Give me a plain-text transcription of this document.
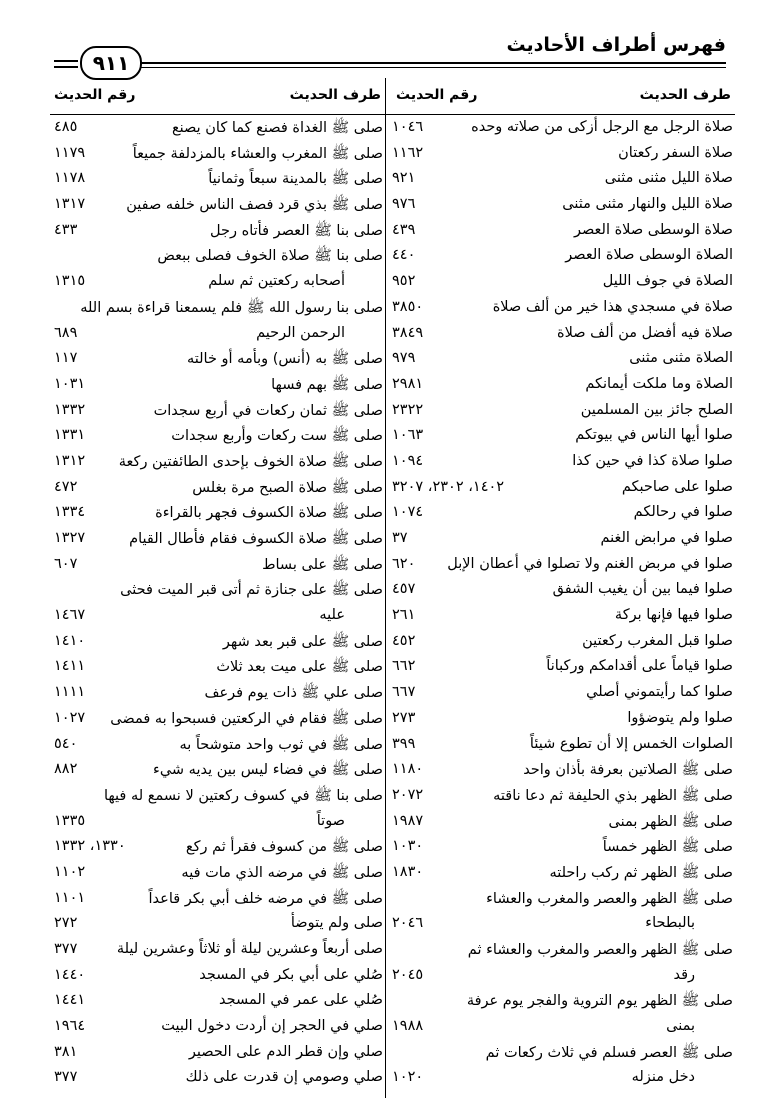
فهرس أطراف الأحاديث
٩١١
طرف الحديث
رقم الحديث
صلاة الرجل مع الرجل أزكى من صلاته وحده
١٠٤٦
صلاة السفر ركعتان
١١٦٢
صلاة الليل مثنى مثنى
٩٢١
صلاة الليل والنهار مثنى مثنى
٩٧٦
صلاة الوسطى صلاة العصر
٤٣٩
الصلاة الوسطى صلاة العصر
٤٤٠
الصلاة في جوف الليل
٩٥٢
صلاة في مسجدي هذا خير من ألف صلاة
٣٨٥٠
صلاة فيه أفضل من ألف صلاة
٣٨٤٩
الصلاة مثنى مثنى
٩٧٩
الصلاة وما ملكت أيمانكم
٢٩٨١
الصلح جائز بين المسلمين
٢٣٢٢
صلوا أيها الناس في بيوتكم
١٠٦٣
صلوا صلاة كذا في حين كذا
١٠٩٤
صلوا على صاحبكم
١٤٠٢، ٢٣٠٢، ٣٢٠٧
صلوا في رحالكم
١٠٧٤
صلوا في مرابض الغنم
٣٧
صلوا في مربض الغنم ولا تصلوا في أعطان الإبل
٦٢٠
صلوا فيما بين أن يغيب الشفق
٤٥٧
صلوا فيها فإنها بركة
٢٦١
صلوا قبل المغرب ركعتين
٤٥٢
صلوا قياماً على أقدامكم وركباناً
٦٦٢
صلوا كما رأيتموني أصلي
٦٦٧
صلوا ولم يتوضؤوا
٢٧٣
الصلوات الخمس إلا أن تطوع شيئاً
٣٩٩
صلى ﷺ الصلاتين بعرفة بأذان واحد
١١٨٠
صلى ﷺ الظهر بذي الحليفة ثم دعا ناقته
٢٠٧٢
صلى ﷺ الظهر بمنى
١٩٨٧
صلى ﷺ الظهر خمساً
١٠٣٠
صلى ﷺ الظهر ثم ركب راحلته
١٨٣٠
صلى ﷺ الظهر والعصر والمغرب والعشاء
بالبطحاء
٢٠٤٦
صلى ﷺ الظهر والعصر والمغرب والعشاء ثم
رقد
٢٠٤٥
صلى ﷺ الظهر يوم التروية والفجر يوم عرفة
بمنى
١٩٨٨
صلى ﷺ العصر فسلم في ثلاث ركعات ثم
دخل منزله
١٠٢٠
طرف الحديث
رقم الحديث
صلى ﷺ الغداة فصنع كما كان يصنع
٤٨٥
صلى ﷺ المغرب والعشاء بالمزدلفة جميعاً
١١٧٩
صلى ﷺ بالمدينة سبعاً وثمانياً
١١٧٨
صلى ﷺ بذي قرد فصف الناس خلفه صفين
١٣١٧
صلى بنا ﷺ العصر فأتاه رجل
٤٣٣
صلى بنا ﷺ صلاة الخوف فصلى ببعض
أصحابه ركعتين ثم سلم
١٣١٥
صلى بنا رسول الله ﷺ فلم يسمعنا قراءة بسم الله
الرحمن الرحيم
٦٨٩
صلى ﷺ به (أنس) وبأمه أو خالته
١١٧
صلى ﷺ بهم فسها
١٠٣١
صلى ﷺ ثمان ركعات في أربع سجدات
١٣٣٢
صلى ﷺ ست ركعات وأربع سجدات
١٣٣١
صلى ﷺ صلاة الخوف بإحدى الطائفتين ركعة
١٣١٢
صلى ﷺ صلاة الصبح مرة بغلس
٤٧٢
صلى ﷺ صلاة الكسوف فجهر بالقراءة
١٣٣٤
صلى ﷺ صلاة الكسوف فقام فأطال القيام
١٣٢٧
صلى ﷺ على بساط
٦٠٧
صلى ﷺ على جنازة ثم أتى قبر الميت فحثى
عليه
١٤٦٧
صلى ﷺ على قبر بعد شهر
١٤١٠
صلى ﷺ على ميت بعد ثلاث
١٤١١
صلى علي ﷺ ذات يوم فرعف
١١١١
صلى ﷺ فقام في الركعتين فسبحوا به فمضى
١٠٢٧
صلى ﷺ في ثوب واحد متوشحاً به
٥٤٠
صلى ﷺ في فضاء ليس بين يديه شيء
٨٨٢
صلى بنا ﷺ في كسوف ركعتين لا نسمع له فيها
صوتاً
١٣٣٥
صلى ﷺ من كسوف فقرأ ثم ركع
١٣٣٠، ١٣٣٢
صلى ﷺ في مرضه الذي مات فيه
١١٠٢
صلى ﷺ في مرضه خلف أبي بكر قاعداً
١١٠١
صلى ولم يتوضأ
٢٧٢
صلى أربعاً وعشرين ليلة أو ثلاثاً وعشرين ليلة
٣٧٧
صُلي على أبي بكر في المسجد
١٤٤٠
صُلي على عمر في المسجد
١٤٤١
صلي في الحجر إن أردت دخول البيت
١٩٦٤
صلي وإن قطر الدم على الحصير
٣٨١
صلي وصومي إن قدرت على ذلك
٣٧٧
